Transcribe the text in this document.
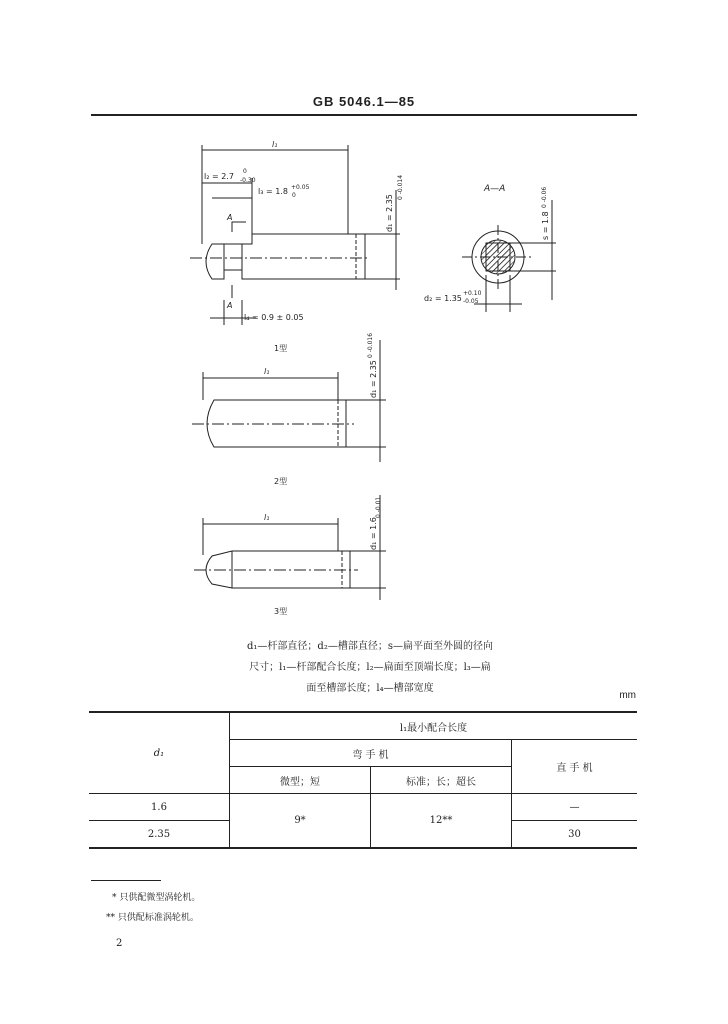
GB 5046.1—85
l₁
l₂ = 2.7
0
-0.30
l₃ = 1.8 +0.05
0	d₁ = 2.35
0 -0.014
A
A
l₄ = 0.9 ± 0.05
A—A
s = 1.8
0 -0.06
d₂ = 1.35
+0.10
-0.05
1型
l₁	d₁ = 2.35
0 -0.016
2型
l₁	d₁ = 1.6
0 -0.01
3型
d₁—杆部直径；d₂—槽部直径；s—扁平面至外圆的径向
尺寸；l₁—杆部配合长度；l₂—扁面至顶端长度；l₃—扁
面至槽部长度；l₄—槽部宽度
mm
d₁	l₁最小配合长度		
	弯 手 机		直 手 机
	微型；短	标准；长；超长	
1.6	9*	12**	—
2.35			30
* 只供配微型涡轮机。
** 只供配标准涡轮机。
2
